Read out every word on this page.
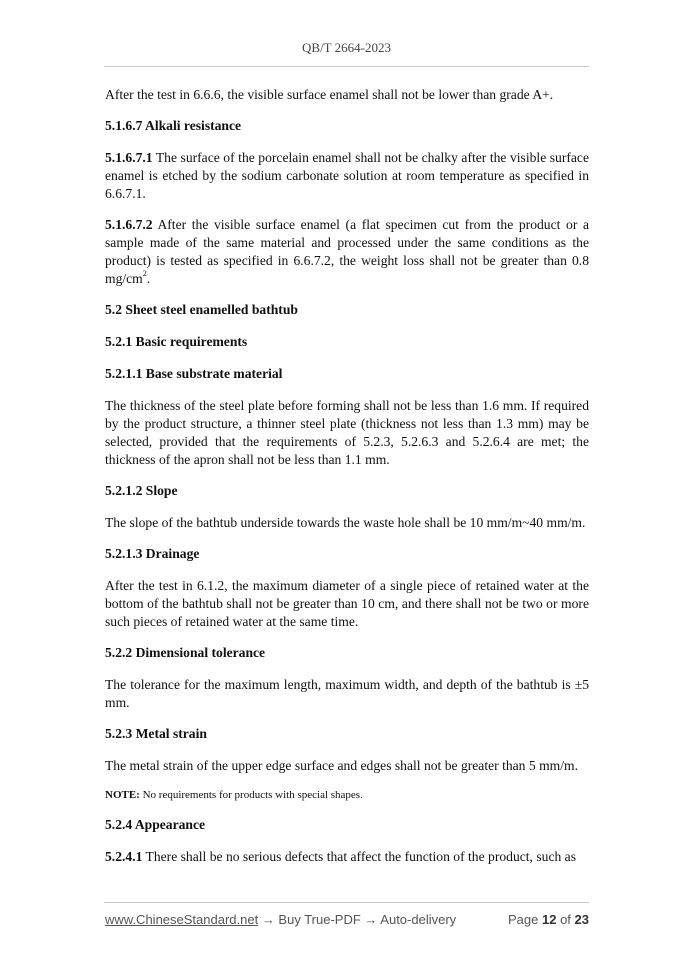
QB/T 2664-2023

After the test in 6.6.6, the visible surface enamel shall not be lower than grade A+.

5.1.6.7 Alkali resistance

5.1.6.7.1 The surface of the porcelain enamel shall not be chalky after the visible surface enamel is etched by the sodium carbonate solution at room temperature as specified in 6.6.7.1.

5.1.6.7.2 After the visible surface enamel (a flat specimen cut from the product or a sample made of the same material and processed under the same conditions as the product) is tested as specified in 6.6.7.2, the weight loss shall not be greater than 0.8 $mg/cm^2$.

5.2 Sheet steel enamelled bathtub
5.2.1 Basic requirements
5.2.1.1 Base substrate material

The thickness of the steel plate before forming shall not be less than 1.6 mm. If required by the product structure, a thinner steel plate (thickness not less than 1.3 mm) may be selected, provided that the requirements of 5.2.3, 5.2.6.3 and 5.2.6.4 are met; the thickness of the apron shall not be less than 1.1 mm.

5.2.1.2 Slope

The slope of the bathtub underside towards the waste hole shall be 10 mm/m~40 mm/m.

5.2.1.3 Drainage

After the test in 6.1.2, the maximum diameter of a single piece of retained water at the bottom of the bathtub shall not be greater than 10 cm, and there shall not be two or more such pieces of retained water at the same time.

5.2.2 Dimensional tolerance

The tolerance for the maximum length, maximum width, and depth of the bathtub is ±5 mm.

5.2.3 Metal strain

The metal strain of the upper edge surface and edges shall not be greater than 5 mm/m.

NOTE: No requirements for products with special shapes.

5.2.4 Appearance

5.2.4.1 There shall be no serious defects that affect the function of the product, such as

www.ChineseStandard.net → Buy True-PDF → Auto-delivery	Page 12 of 23
